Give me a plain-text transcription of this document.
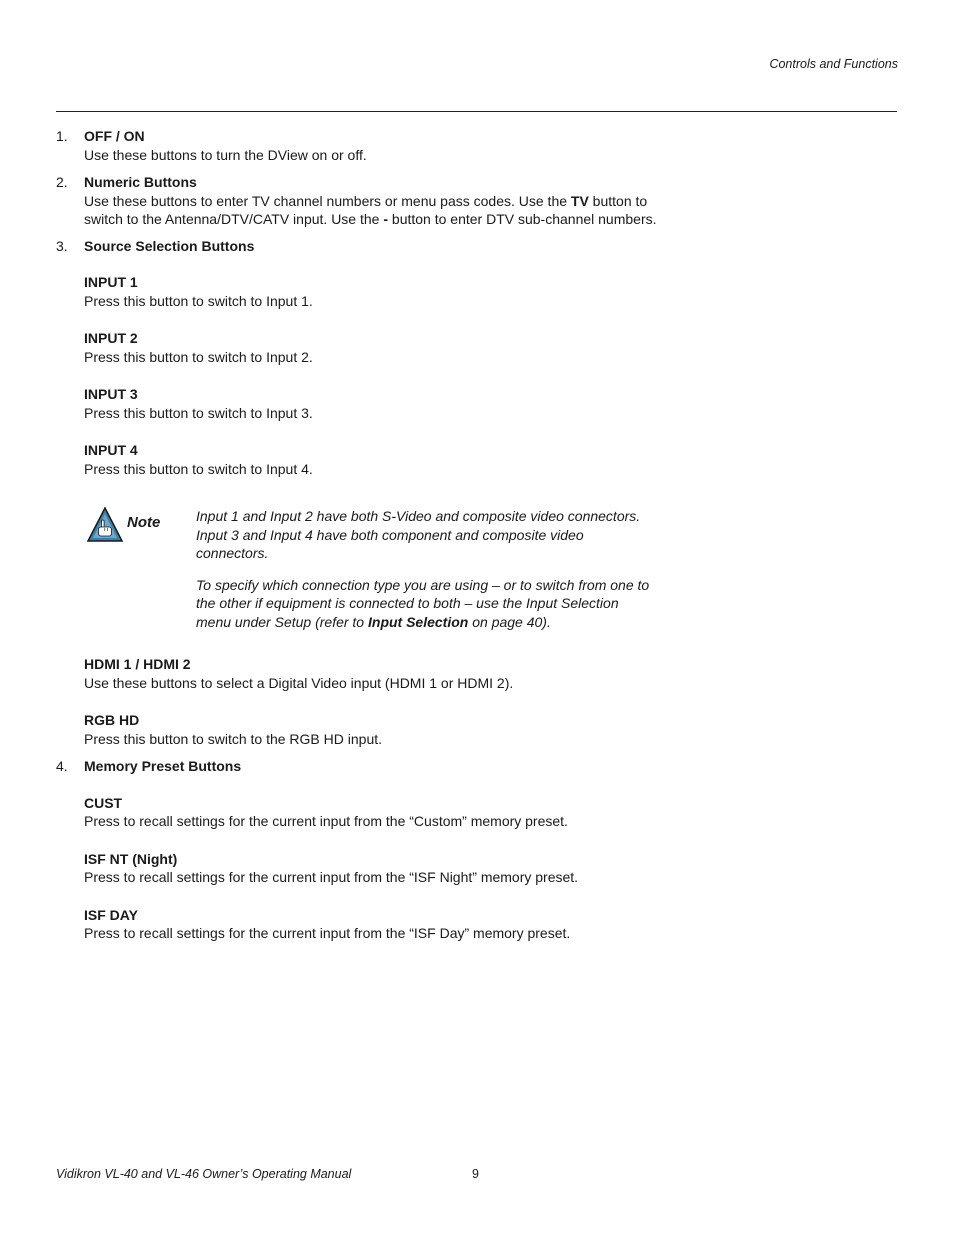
Controls and Functions
1. OFF / ON
Use these buttons to turn the DView on or off.
2. Numeric Buttons
Use these buttons to enter TV channel numbers or menu pass codes. Use the TV button to switch to the Antenna/DTV/CATV input. Use the - button to enter DTV sub-channel numbers.
3.	Source Selection Buttons
INPUT 1
Press this button to switch to Input 1.
INPUT 2
Press this button to switch to Input 2.
INPUT 3
Press this button to switch to Input 3.
INPUT 4
Press this button to switch to Input 4.
Note	Input 1 and Input 2 have both S-Video and composite video connectors. Input 3 and Input 4 have both component and composite video connectors.

To specify which connection type you are using – or to switch from one to the other if equipment is connected to both – use the Input Selection menu under Setup (refer to Input Selection on page 40).

HDMI 1 / HDMI 2
Use these buttons to select a Digital Video input (HDMI 1 or HDMI 2).
RGB HD
Press this button to switch to the RGB HD input.
4.	Memory Preset Buttons
CUST
Press to recall settings for the current input from the “Custom” memory preset.
ISF NT (Night)
Press to recall settings for the current input from the “ISF Night” memory preset.
ISF DAY
Press to recall settings for the current input from the “ISF Day” memory preset.
Vidikron VL-40 and VL-46 Owner’s Operating Manual	9
